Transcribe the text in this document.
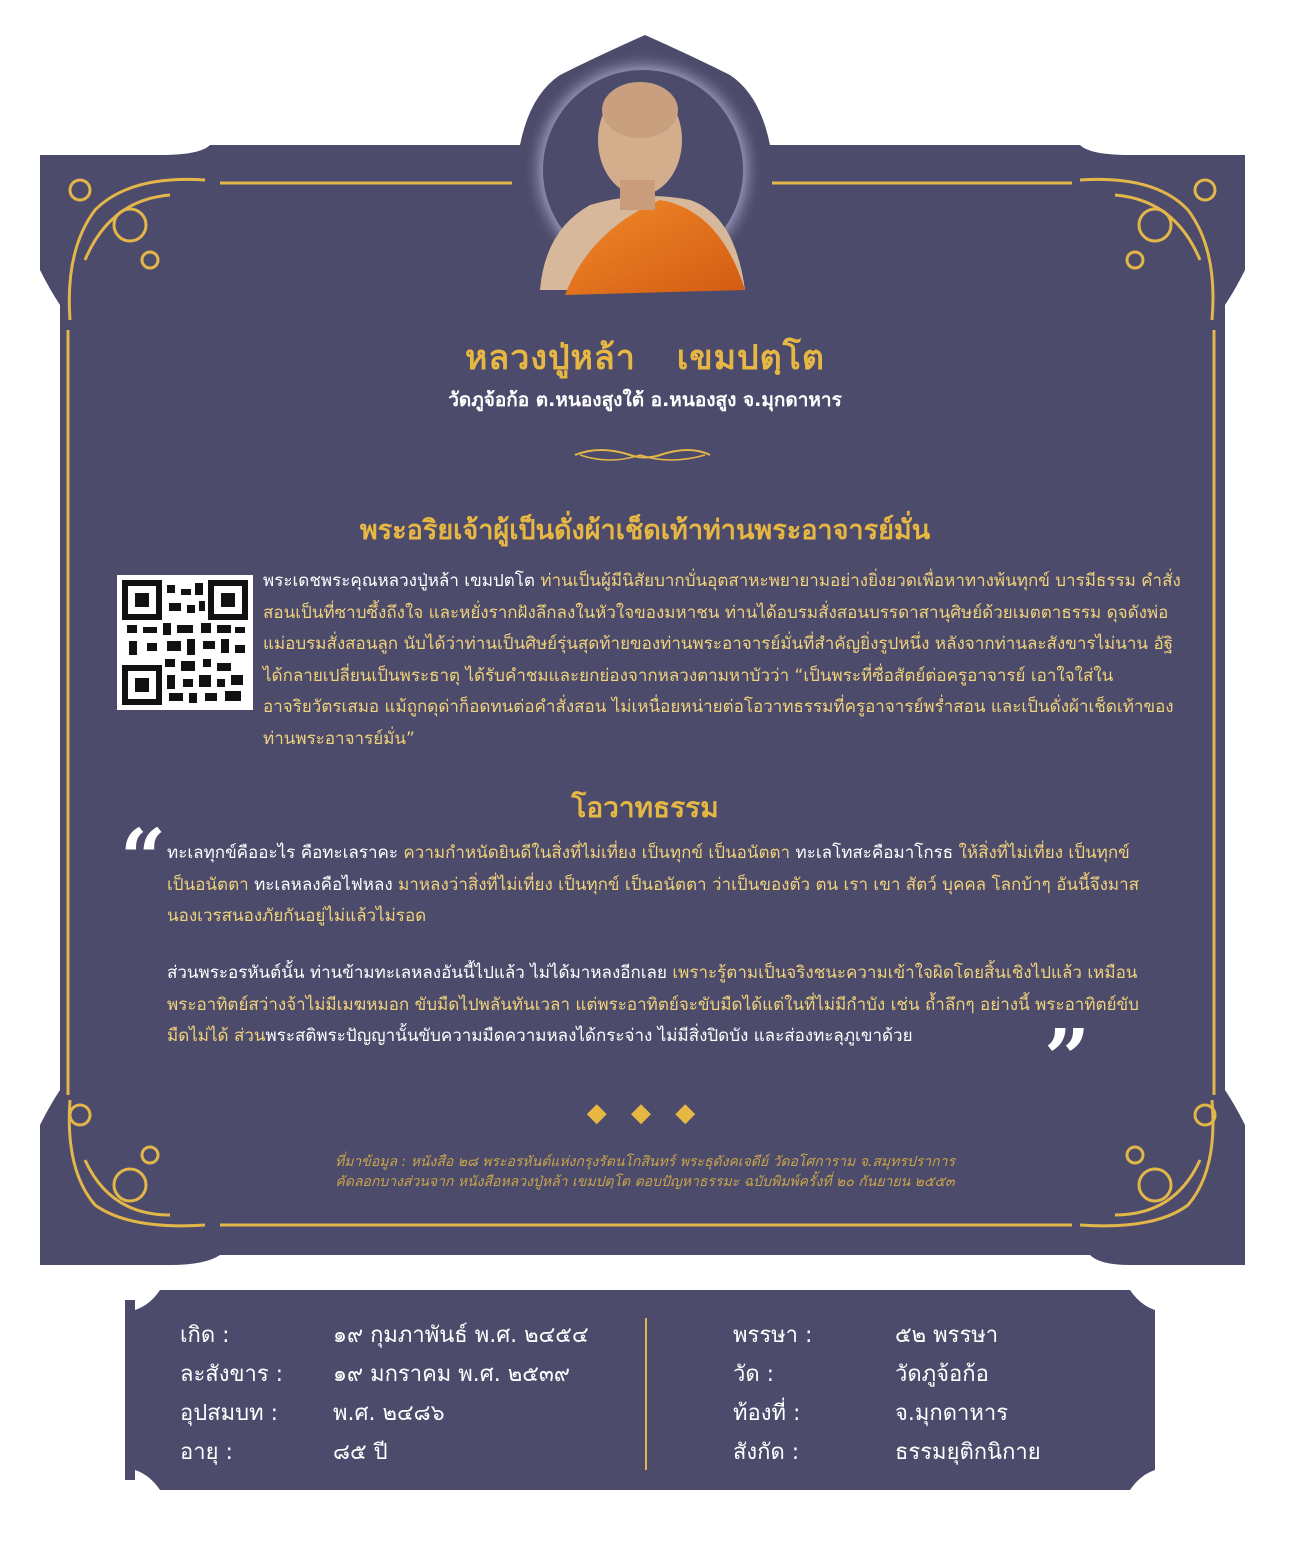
หลวงปู่หล้า เขมปตฺโต
วัดภูจ้อก้อ ต.หนองสูงใต้ อ.หนองสูง จ.มุกดาหาร
พระอริยเจ้าผู้เป็นดั่งผ้าเช็ดเท้าท่านพระอาจารย์มั่น
พระเดชพระคุณหลวงปู่หล้า เขมปตโต ท่านเป็นผู้มีนิสัยบากบั่นอุตสาหะพยายามอย่างยิ่งยวดเพื่อหาทางพ้นทุกข์ บารมีธรรม คำสั่งสอนเป็นที่ซาบซึ้งถึงใจ และหยั่งรากฝังลึกลงในหัวใจของมหาชน ท่านได้อบรมสั่งสอนบรรดาสานุศิษย์ด้วยเมตตาธรรม ดุจดังพ่อแม่อบรมสั่งสอนลูก นับได้ว่าท่านเป็นศิษย์รุ่นสุดท้ายของท่านพระอาจารย์มั่นที่สำคัญยิ่งรูปหนึ่ง หลังจากท่านละสังขารไม่นาน อัฐิได้กลายเปลี่ยนเป็นพระธาตุ ได้รับคำชมและยกย่องจากหลวงตามหาบัวว่า “เป็นพระที่ซื่อสัตย์ต่อครูอาจารย์ เอาใจใส่ในอาจริยวัตรเสมอ แม้ถูกดุด่าก็อดทนต่อคำสั่งสอน ไม่เหนื่อยหน่ายต่อโอวาทธรรมที่ครูอาจารย์พร่ำสอน และเป็นดั่งผ้าเช็ดเท้าของท่านพระอาจารย์มั่น”
โอวาทธรรม
“
”
ทะเลทุกข์คืออะไร คือทะเลราคะ ความกำหนัดยินดีในสิ่งที่ไม่เที่ยง เป็นทุกข์ เป็นอนัตตา ทะเลโทสะคือมาโกรธ ให้สิ่งที่ไม่เที่ยง เป็นทุกข์ เป็นอนัตตา ทะเลหลงคือไฟหลง มาหลงว่าสิ่งที่ไม่เที่ยง เป็นทุกข์ เป็นอนัตตา ว่าเป็นของตัว ตน เรา เขา สัตว์ บุคคล โลกบ้าๆ อันนี้จึงมาสนองเวรสนองภัยกันอยู่ไม่แล้วไม่รอด
ส่วนพระอรหันต์นั้น ท่านข้ามทะเลหลงอันนี้ไปแล้ว ไม่ได้มาหลงอีกเลย เพราะรู้ตามเป็นจริงชนะความเข้าใจผิดโดยสิ้นเชิงไปแล้ว เหมือนพระอาทิตย์สว่างจ้าไม่มีเมฆหมอก ขับมืดไปพลันทันเวลา แต่พระอาทิตย์จะขับมืดได้แต่ในที่ไม่มีกำบัง เช่น ถ้ำลึกๆ อย่างนี้ พระอาทิตย์ขับมืดไม่ได้ ส่วนพระสติพระปัญญานั้นขับความมืดความหลงได้กระจ่าง ไม่มีสิ่งปิดบัง และส่องทะลุภูเขาด้วย
◆ ◆ ◆
ที่มาข้อมูล : หนังสือ ๒๘ พระอรหันต์แห่งกรุงรัตนโกสินทร์ พระธุดังคเจดีย์ วัดอโศการาม จ.สมุทรปราการ
คัดลอกบางส่วนจาก หนังสือหลวงปู่หล้า เขมปตฺโต ตอบปัญหาธรรมะ ฉบับพิมพ์ครั้งที่ ๒๐ กันยายน ๒๕๕๓
เกิด :
ละสังขาร :
อุปสมบท :
อายุ :
๑๙ กุมภาพันธ์ พ.ศ. ๒๔๕๔
๑๙ มกราคม พ.ศ. ๒๕๓๙
พ.ศ. ๒๔๘๖
๘๕ ปี
พรรษา :
วัด :
ท้องที่ :
สังกัด :
๕๒ พรรษา
วัดภูจ้อก้อ
จ.มุกดาหาร
ธรรมยุติกนิกาย
